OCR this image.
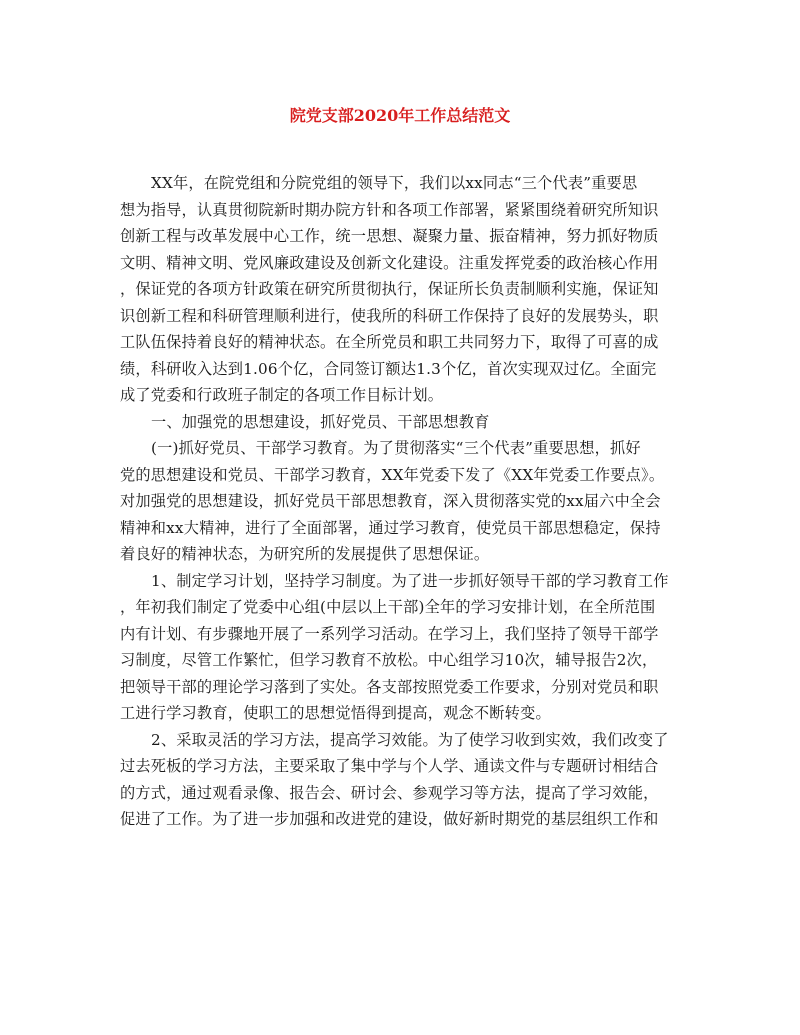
院党支部2020年工作总结范文

XX年，在院党组和分院党组的领导下，我们以xx同志“三个代表”重要思
想为指导，认真贯彻院新时期办院方针和各项工作部署，紧紧围绕着研究所知识
创新工程与改革发展中心工作，统一思想、凝聚力量、振奋精神，努力抓好物质
文明、精神文明、党风廉政建设及创新文化建设。注重发挥党委的政治核心作用
，保证党的各项方针政策在研究所贯彻执行，保证所长负责制顺利实施，保证知
识创新工程和科研管理顺利进行，使我所的科研工作保持了良好的发展势头，职
工队伍保持着良好的精神状态。在全所党员和职工共同努力下，取得了可喜的成
绩，科研收入达到1.06个亿，合同签订额达1.3个亿，首次实现双过亿。全面完
成了党委和行政班子制定的各项工作目标计划。

一、加强党的思想建设，抓好党员、干部思想教育

(一)抓好党员、干部学习教育。为了贯彻落实“三个代表”重要思想，抓好
党的思想建设和党员、干部学习教育，XX年党委下发了《XX年党委工作要点》。
对加强党的思想建设，抓好党员干部思想教育，深入贯彻落实党的xx届六中全会
精神和xx大精神，进行了全面部署，通过学习教育，使党员干部思想稳定，保持
着良好的精神状态，为研究所的发展提供了思想保证。

1、制定学习计划，坚持学习制度。为了进一步抓好领导干部的学习教育工作
，年初我们制定了党委中心组(中层以上干部)全年的学习安排计划，在全所范围
内有计划、有步骤地开展了一系列学习活动。在学习上，我们坚持了领导干部学
习制度，尽管工作繁忙，但学习教育不放松。中心组学习10次，辅导报告2次，
把领导干部的理论学习落到了实处。各支部按照党委工作要求，分别对党员和职
工进行学习教育，使职工的思想觉悟得到提高，观念不断转变。

2、采取灵活的学习方法，提高学习效能。为了使学习收到实效，我们改变了
过去死板的学习方法，主要采取了集中学与个人学、通读文件与专题研讨相结合
的方式，通过观看录像、报告会、研讨会、参观学习等方法，提高了学习效能，
促进了工作。为了进一步加强和改进党的建设，做好新时期党的基层组织工作和
